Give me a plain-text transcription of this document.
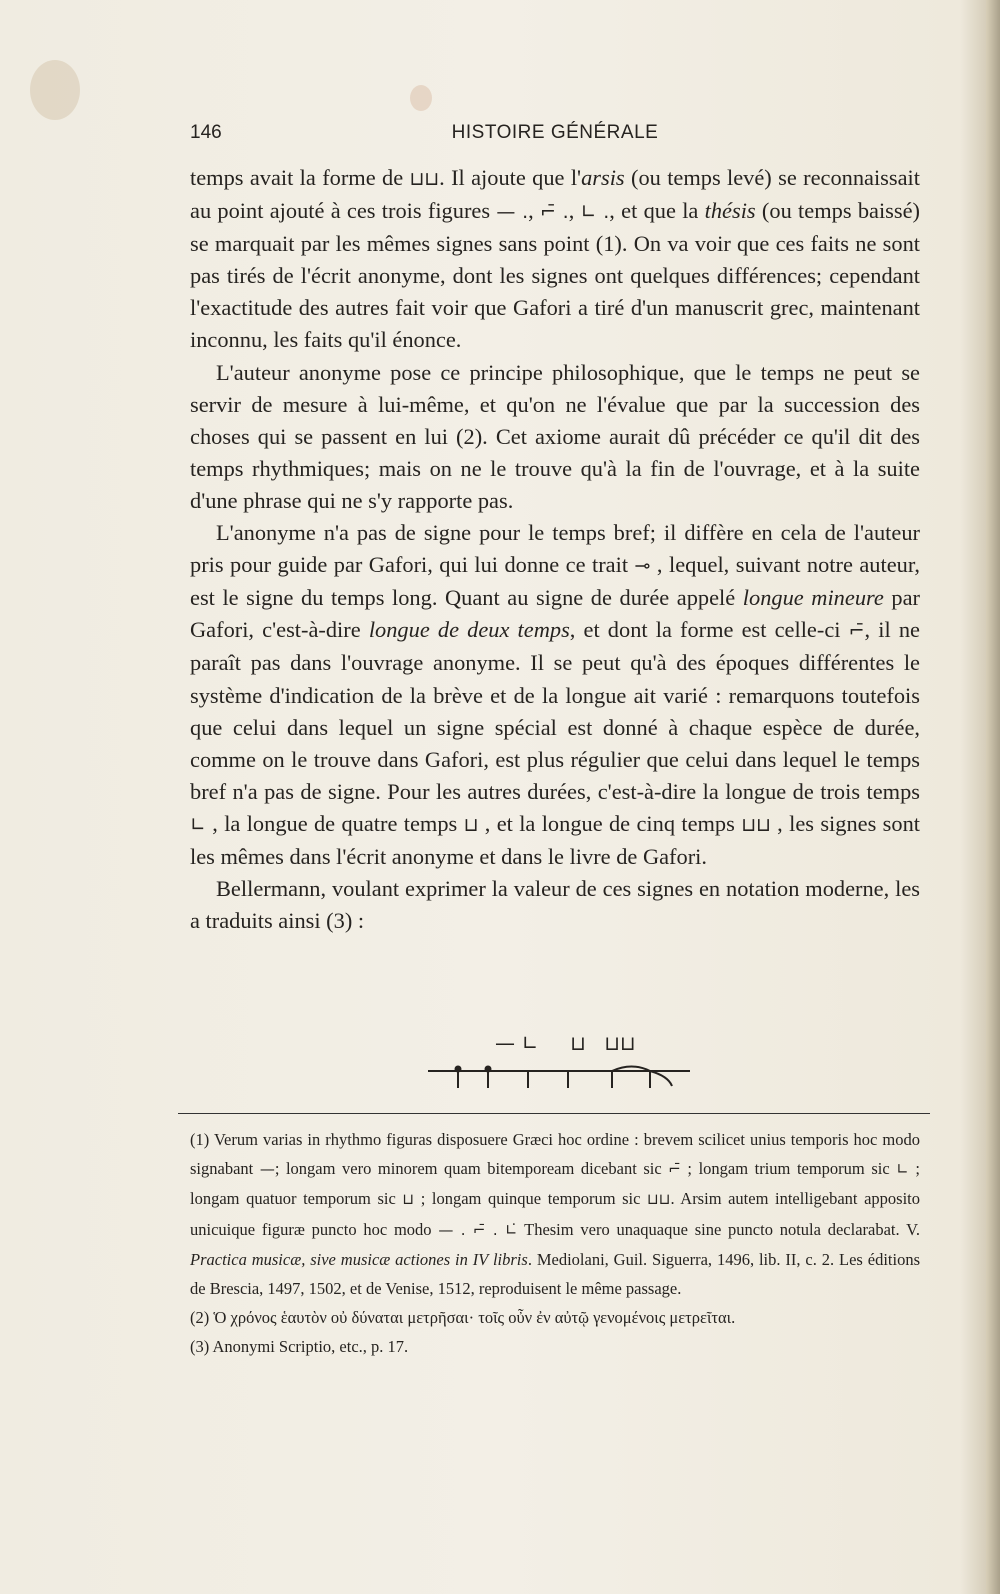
146	HISTOIRE GÉNÉRALE

temps avait la forme de ⊔⊔. Il ajoute que l'arsis (ou temps levé) se reconnaissait au point ajouté à ces trois figures — ., ⌐̄ ., ∟ ., et que la thésis (ou temps baissé) se marquait par les mêmes signes sans point (1). On va voir que ces faits ne sont pas tirés de l'écrit anonyme, dont les signes ont quelques différences; cependant l'exactitude des autres fait voir que Gafori a tiré d'un manuscrit grec, maintenant inconnu, les faits qu'il énonce.

L'auteur anonyme pose ce principe philosophique, que le temps ne peut se servir de mesure à lui-même, et qu'on ne l'évalue que par la succession des choses qui se passent en lui (2). Cet axiome aurait dû précéder ce qu'il dit des temps rhythmiques; mais on ne le trouve qu'à la fin de l'ouvrage, et à la suite d'une phrase qui ne s'y rapporte pas.

L'anonyme n'a pas de signe pour le temps bref; il diffère en cela de l'auteur pris pour guide par Gafori, qui lui donne ce trait ⊸ , lequel, suivant notre auteur, est le signe du temps long. Quant au signe de durée appelé longue mineure par Gafori, c'est-à-dire longue de deux temps, et dont la forme est celle-ci ⌐̄, il ne paraît pas dans l'ouvrage anonyme. Il se peut qu'à des époques différentes le système d'indication de la brève et de la longue ait varié : remarquons toutefois que celui dans lequel un signe spécial est donné à chaque espèce de durée, comme on le trouve dans Gafori, est plus régulier que celui dans lequel le temps bref n'a pas de signe. Pour les autres durées, c'est-à-dire la longue de trois temps ∟ , la longue de quatre temps ⊔ , et la longue de cinq temps ⊔⊔ , les signes sont les mêmes dans l'écrit anonyme et dans le livre de Gafori.

Bellermann, voulant exprimer la valeur de ces signes en notation moderne, les a traduits ainsi (3) :

— ∟ ⊔ ⊔⊔

(1) Verum varias in rhythmo figuras disposuere Græci hoc ordine : brevem scilicet unius temporis hoc modo signabant —; longam vero minorem quam bitempoream dicebant sic ⌐̄ ; longam trium temporum sic ∟ ; longam quatuor temporum sic ⊔ ; longam quinque temporum sic ⊔⊔. Arsim autem intelligebant apposito unicuique figuræ puncto hoc modo — . ⌐̄ . ∟̇ Thesim vero unaquaque sine puncto notula declarabat. V. Practica musicæ, sive musicæ actiones in IV libris. Mediolani, Guil. Siguerra, 1496, lib. II, c. 2. Les éditions de Brescia, 1497, 1502, et de Venise, 1512, reproduisent le même passage.

(2) Ὁ χρόνος ἑαυτὸν οὐ δύναται μετρῆσαι· τοῖς οὖν ἐν αὐτῷ γενομένοις μετρεῖται.

(3) Anonymi Scriptio, etc., p. 17.
